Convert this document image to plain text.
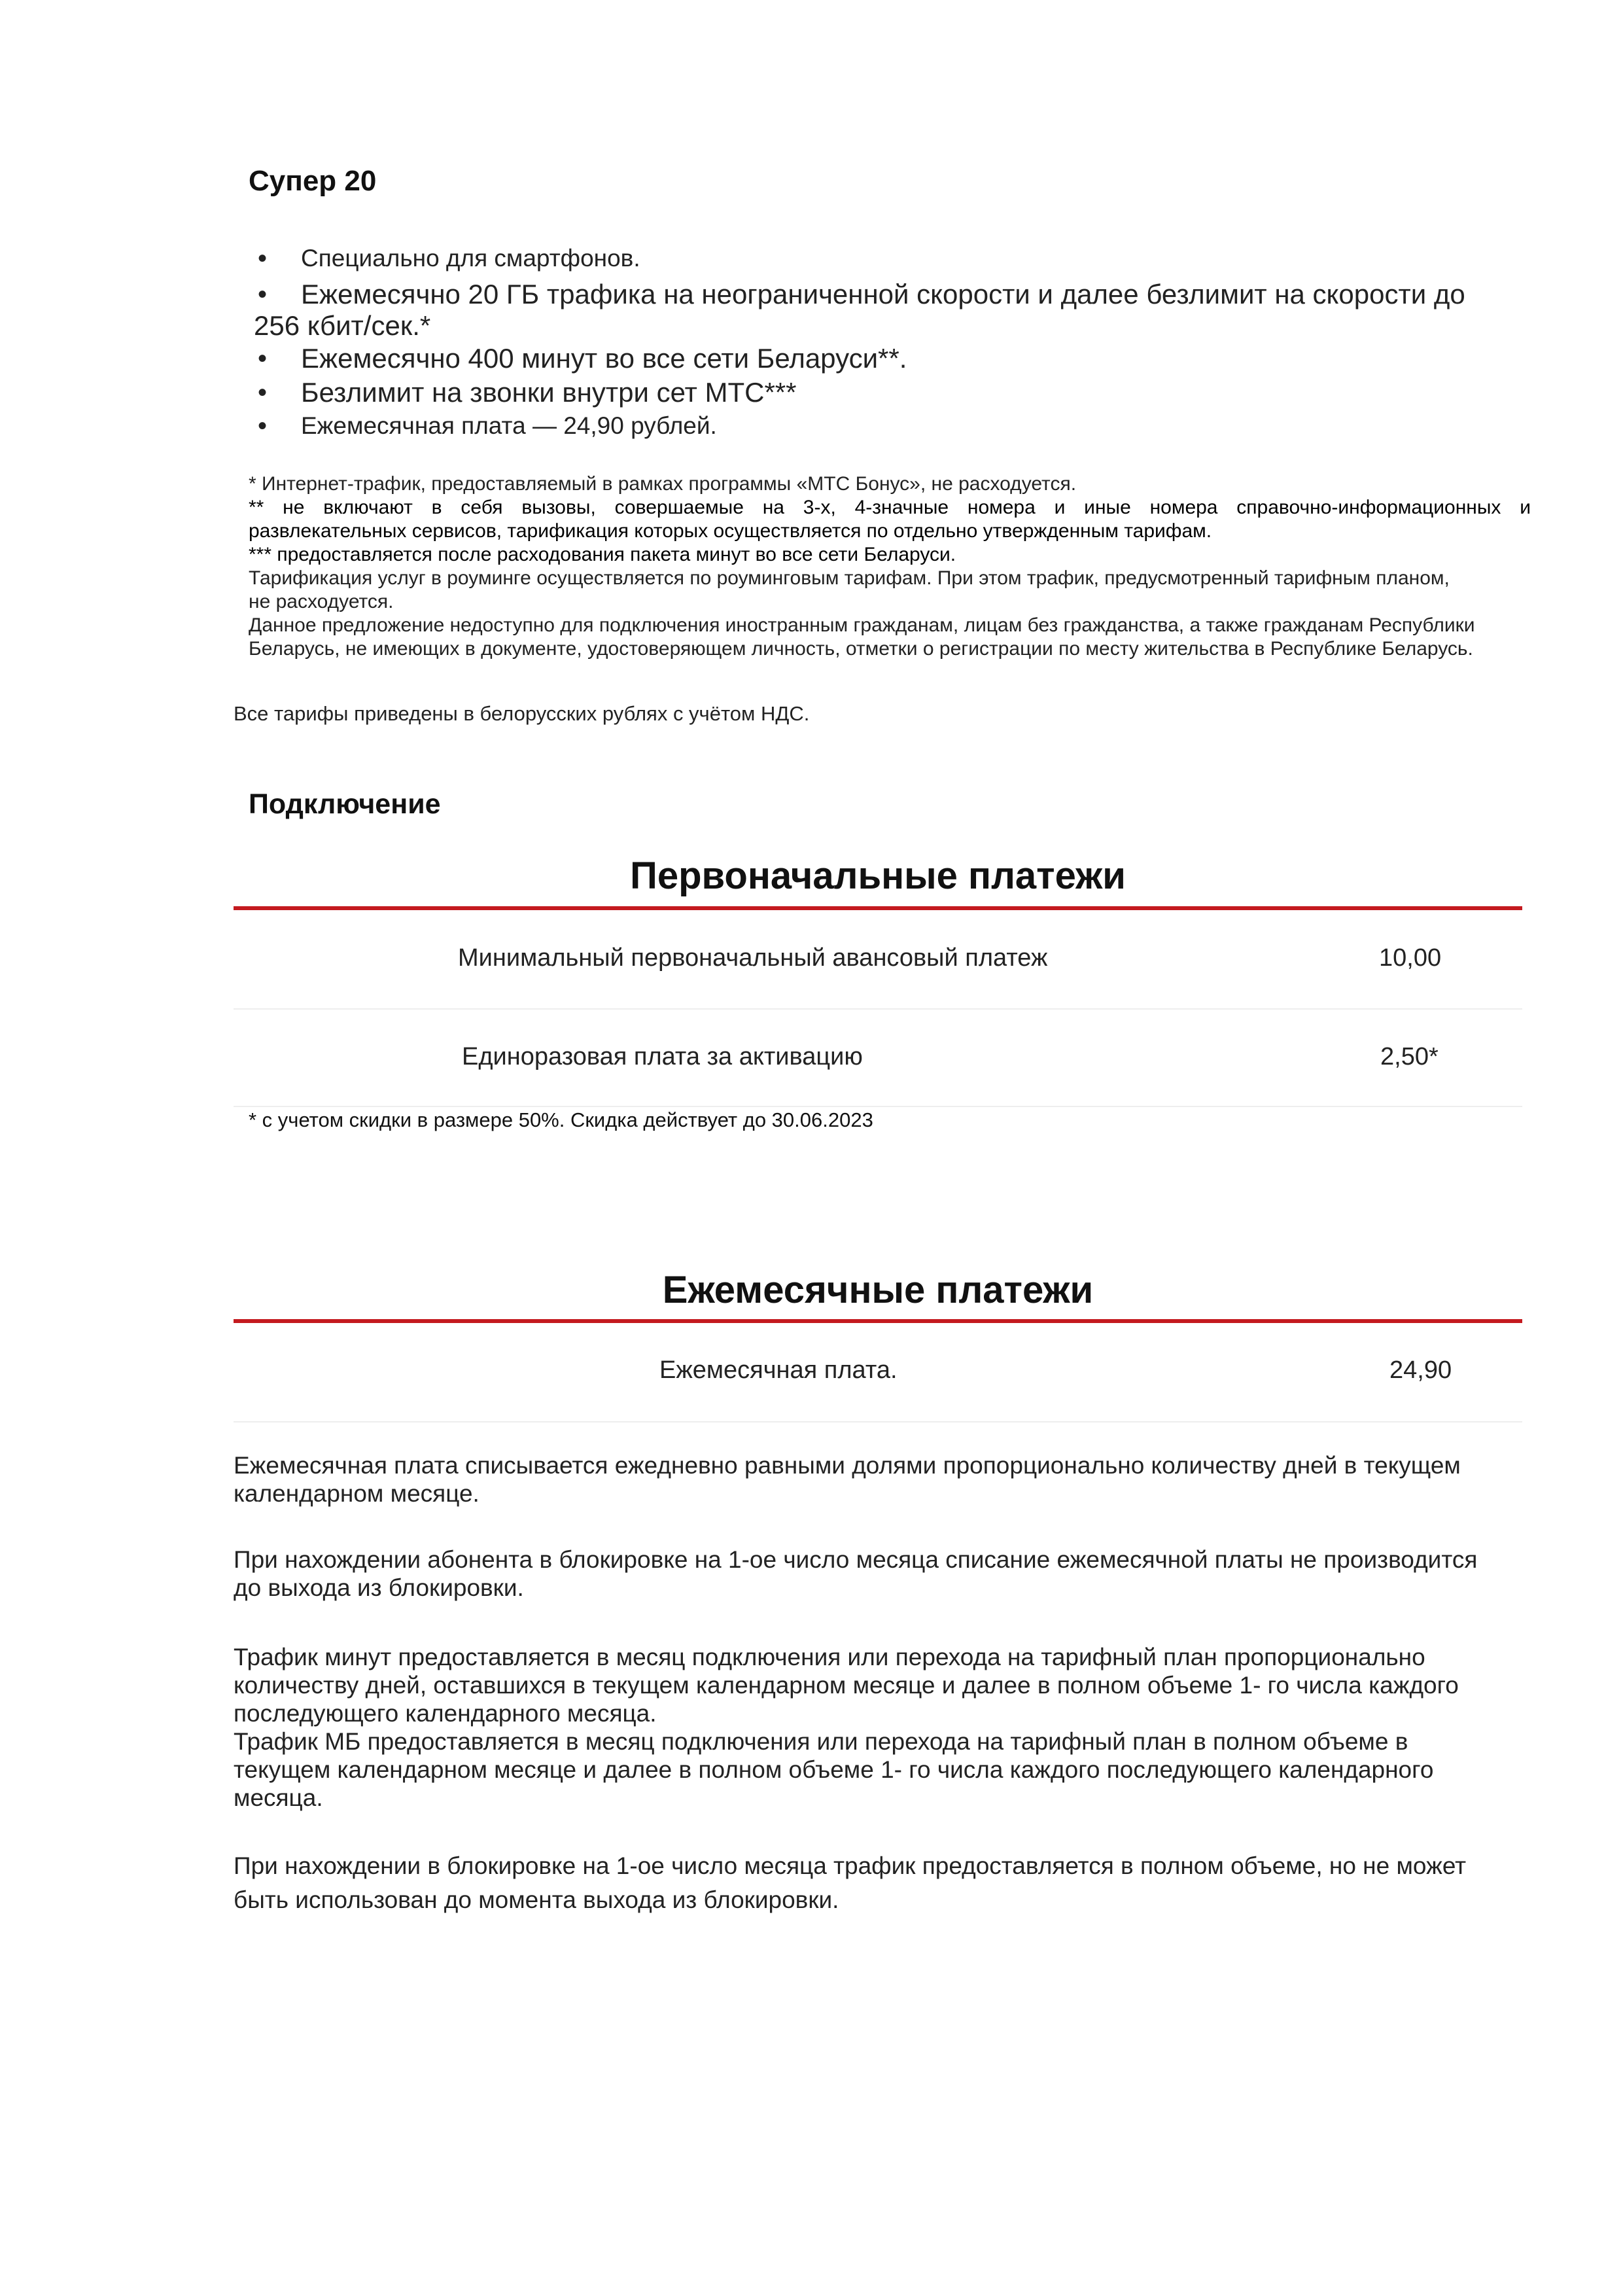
Супер 20
• Специально для смартфонов.
• Ежемесячно 20 ГБ трафика на неограниченной скорости и далее безлимит на скорости до
256 кбит/сек.*
• Ежемесячно 400 минут во все сети Беларуси**.
• Безлимит на звонки внутри сет МТС***
• Ежемесячная плата — 24,90 рублей.

* Интернет-трафик, предоставляемый в рамках программы «МТС Бонус», не расходуется.

** не включают в себя вызовы, совершаемые на 3-х, 4-значные номера и иные номера справочно-информационных и

развлекательных сервисов, тарификация которых осуществляется по отдельно утвержденным тарифам.

*** предоставляется после расходования пакета минут во все сети Беларуси.

Тарификация услуг в роуминге осуществляется по роуминговым тарифам. При этом трафик, предусмотренный тарифным планом,

не расходуется.

Данное предложение недоступно для подключения иностранным гражданам, лицам без гражданства, а также гражданам Республики

Беларусь, не имеющих в документе, удостоверяющем личность, отметки о регистрации по месту жительства в Республике Беларусь.

Все тарифы приведены в белорусских рублях с учётом НДС.
Подключение
Первоначальные платежи
Минимальный первоначальный авансовый платеж	10,00
Единоразовая плата за активацию	2,50*
* с учетом скидки в размере 50%. Скидка действует до 30.06.2023
Ежемесячные платежи
Ежемесячная плата.	24,90

Ежемесячная плата списывается ежедневно равными долями пропорционально количеству дней в текущем

календарном месяце.

При нахождении абонента в блокировке на 1-ое число месяца списание ежемесячной платы не производится

до выхода из блокировки.

Трафик минут предоставляется в месяц подключения или перехода на тарифный план пропорционально

количеству дней, оставшихся в текущем календарном месяце и далее в полном объеме 1- го числа каждого

последующего календарного месяца.

Трафик МБ предоставляется в месяц подключения или перехода на тарифный план в полном объеме в

текущем календарном месяце и далее в полном объеме 1- го числа каждого последующего календарного

месяца.

При нахождении в блокировке на 1-ое число месяца трафик предоставляется в полном объеме, но не может

быть использован до момента выхода из блокировки.
